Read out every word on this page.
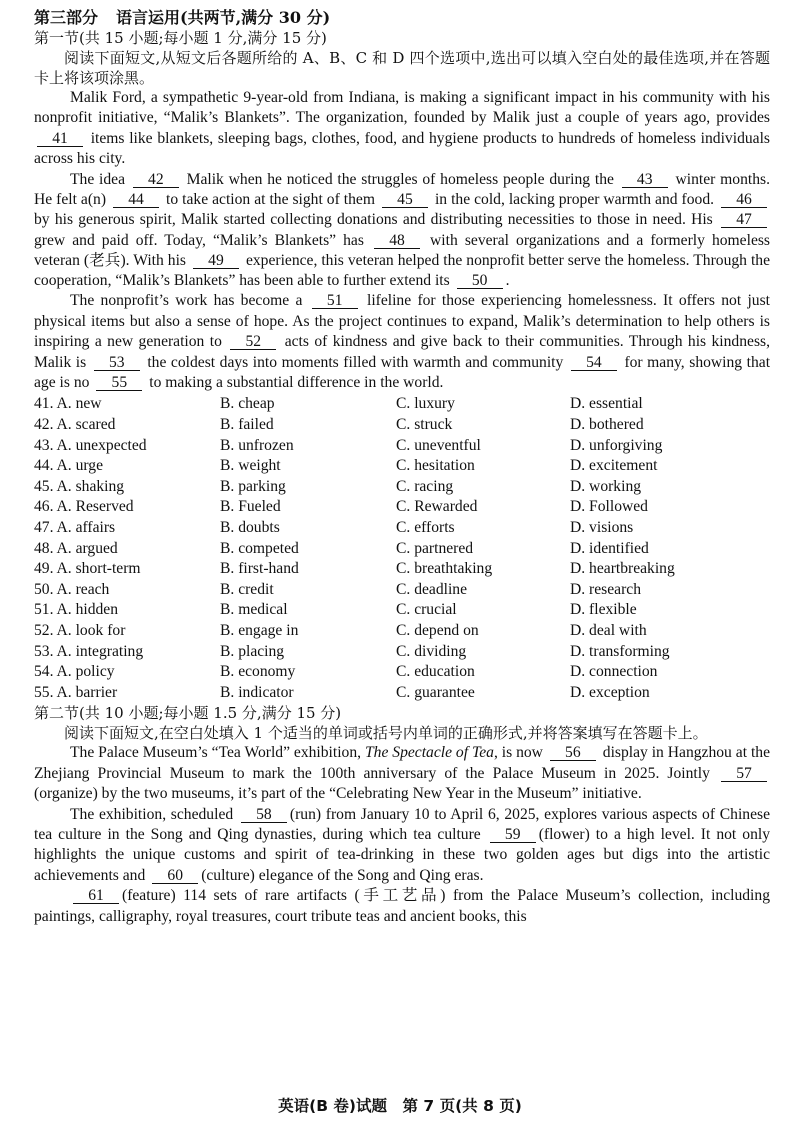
第三部分 语言运用(共两节,满分 30 分)
第一节(共 15 小题;每小题 1 分,满分 15 分)
阅读下面短文,从短文后各题所给的 A、B、C 和 D 四个选项中,选出可以填入空白处的最佳选项,并在答题卡上将该项涂黑。

Malik Ford, a sympathetic 9-year-old from Indiana, is making a significant impact in his community with his nonprofit initiative, “Malik’s Blankets”. The organization, founded by Malik just a couple of years ago, provides 41 items like blankets, sleeping bags, clothes, food, and hygiene products to hundreds of homeless individuals across his city.

The idea 42 Malik when he noticed the struggles of homeless people during the 43 winter months. He felt a(n) 44 to take action at the sight of them 45 in the cold, lacking proper warmth and food. 46 by his generous spirit, Malik started collecting donations and distributing necessities to those in need. His 47 grew and paid off. Today, “Malik’s Blankets” has 48 with several organizations and a formerly homeless veteran (老兵). With his 49 experience, this veteran helped the nonprofit better serve the homeless. Through the cooperation, “Malik’s Blankets” has been able to further extend its 50 .

The nonprofit’s work has become a 51 lifeline for those experiencing homelessness. It offers not just physical items but also a sense of hope. As the project continues to expand, Malik’s determination to help others is inspiring a new generation to 52 acts of kindness and give back to their communities. Through his kindness, Malik is 53 the coldest days into moments filled with warmth and community 54 for many, showing that age is no 55 to making a substantial difference in the world.

41. A. new	B. cheap	C. luxury	D. essential
42. A. scared	B. failed	C. struck	D. bothered
43. A. unexpected	B. unfrozen	C. uneventful	D. unforgiving
44. A. urge	B. weight	C. hesitation	D. excitement
45. A. shaking	B. parking	C. racing	D. working
46. A. Reserved	B. Fueled	C. Rewarded	D. Followed
47. A. affairs	B. doubts	C. efforts	D. visions
48. A. argued	B. competed	C. partnered	D. identified
49. A. short-term	B. first-hand	C. breathtaking	D. heartbreaking
50. A. reach	B. credit	C. deadline	D. research
51. A. hidden	B. medical	C. crucial	D. flexible
52. A. look for	B. engage in	C. depend on	D. deal with
53. A. integrating	B. placing	C. dividing	D. transforming
54. A. policy	B. economy	C. education	D. connection
55. A. barrier	B. indicator	C. guarantee	D. exception
第二节(共 10 小题;每小题 1.5 分,满分 15 分)
阅读下面短文,在空白处填入 1 个适当的单词或括号内单词的正确形式,并将答案填写在答题卡上。

The Palace Museum’s “Tea World” exhibition, The Spectacle of Tea, is now 56 display in Hangzhou at the Zhejiang Provincial Museum to mark the 100th anniversary of the Palace Museum in 2025. Jointly 57(organize) by the two museums, it’s part of the “Celebrating New Year in the Museum” initiative.

The exhibition, scheduled 58 (run) from January 10 to April 6, 2025, explores various aspects of Chinese tea culture in the Song and Qing dynasties, during which tea culture 59 (flower) to a high level. It not only highlights the unique customs and spirit of tea-drinking in these two golden ages but digs into the artistic achievements and 60 (culture) elegance of the Song and Qing eras.

61 (feature) 114 sets of rare artifacts (手工艺品) from the Palace Museum’s collection, including paintings, calligraphy, royal treasures, court tribute teas and ancient books, this

英语(B 卷)试题　第 7 页(共 8 页)
